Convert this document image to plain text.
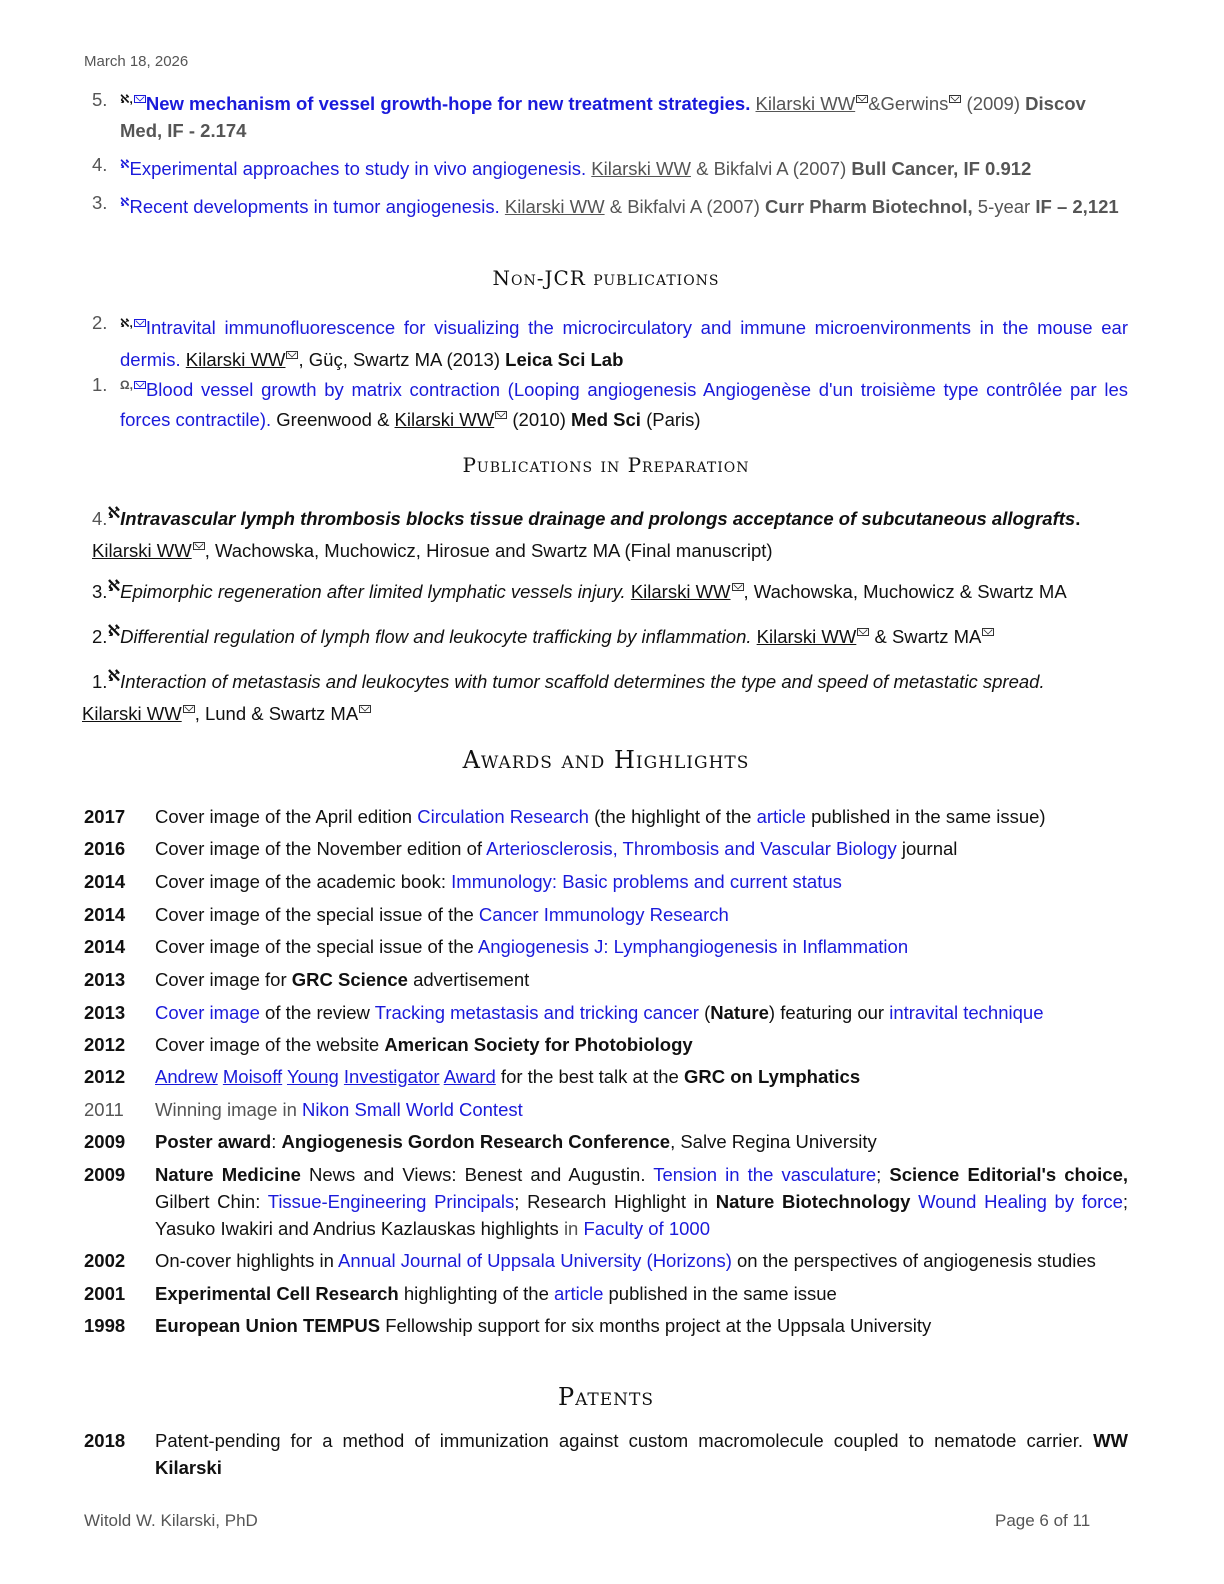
March 18, 2026
5. $^{ℵ,}$ New mechanism of vessel growth-hope for new treatment strategies. Kilarski WW &Gerwins (2009) Discov Med, IF - 2.174
4. $^ℵ$Experimental approaches to study in vivo angiogenesis. Kilarski WW & Bikfalvi A (2007) Bull Cancer, IF 0.912
3. $^ℵ$Recent developments in tumor angiogenesis. Kilarski WW & Bikfalvi A (2007) Curr Pharm Biotechnol, 5-year IF – 2,121
Non-JCR publications
2. $^{ℵ,}$ Intravital immunofluorescence for visualizing the microcirculatory and immune microenvironments in the mouse ear dermis. Kilarski WW , Güç, Swartz MA (2013) Leica Sci Lab
1. $^{\Omega,}$ Blood vessel growth by matrix contraction (Looping angiogenesis Angiogenèse d'un troisième type contrôlée par les forces contractile). Greenwood & Kilarski WW (2010) Med Sci (Paris)
Publications in Preparation
4.ℵIntravascular lymph thrombosis blocks tissue drainage and prolongs acceptance of subcutaneous allografts. Kilarski WW , Wachowska, Muchowicz, Hirosue and Swartz MA (Final manuscript)
3.ℵEpimorphic regeneration after limited lymphatic vessels injury. Kilarski WW , Wachowska, Muchowicz & Swartz MA
2.ℵDifferential regulation of lymph flow and leukocyte trafficking by inflammation. Kilarski WW & Swartz MA
1.ℵInteraction of metastasis and leukocytes with tumor scaffold determines the type and speed of metastatic spread.
Kilarski WW , Lund & Swartz MA
Awards and Highlights
2017 Cover image of the April edition Circulation Research (the highlight of the article published in the same issue)
2016 Cover image of the November edition of Arteriosclerosis, Thrombosis and Vascular Biology journal
2014 Cover image of the academic book: Immunology: Basic problems and current status
2014 Cover image of the special issue of the Cancer Immunology Research
2014 Cover image of the special issue of the Angiogenesis J: Lymphangiogenesis in Inflammation
2013 Cover image for GRC Science advertisement
2013 Cover image of the review Tracking metastasis and tricking cancer (Nature) featuring our intravital technique
2012 Cover image of the website American Society for Photobiology
2012 Andrew Moisoff Young Investigator Award for the best talk at the GRC on Lymphatics
2011 Winning image in Nikon Small World Contest
2009 Poster award: Angiogenesis Gordon Research Conference, Salve Regina University
2009 Nature Medicine News and Views: Benest and Augustin. Tension in the vasculature; Science Editorial's choice, Gilbert Chin: Tissue-Engineering Principals; Research Highlight in Nature Biotechnology Wound Healing by force; Yasuko Iwakiri and Andrius Kazlauskas highlights in Faculty of 1000
2002 On-cover highlights in Annual Journal of Uppsala University (Horizons) on the perspectives of angiogenesis studies
2001 Experimental Cell Research highlighting of the article published in the same issue
1998 European Union TEMPUS Fellowship support for six months project at the Uppsala University
Patents
2018 Patent-pending for a method of immunization against custom macromolecule coupled to nematode carrier. WW Kilarski
Witold W. Kilarski, PhD	Page 6 of 11
